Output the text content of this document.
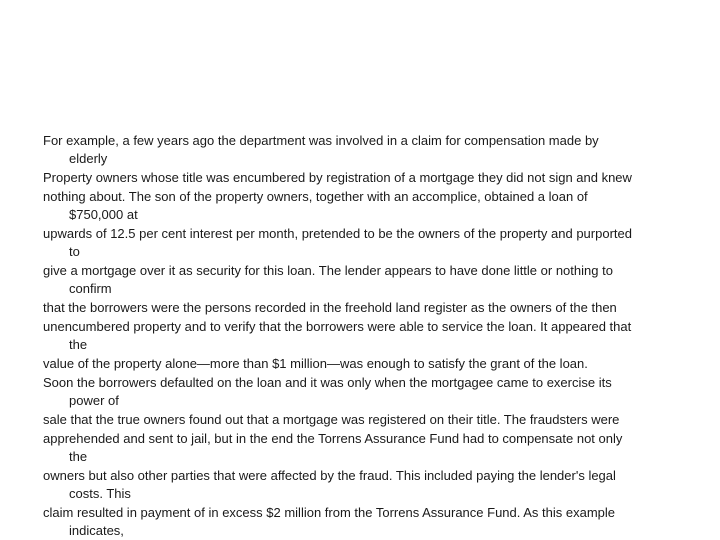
For example, a few years ago the department was involved in a claim for compensation made by
elderly
Property owners whose title was encumbered by registration of a mortgage they did not sign and knew
nothing about. The son of the property owners, together with an accomplice, obtained a loan of
$750,000 at
upwards of 12.5 per cent interest per month, pretended to be the owners of the property and purported
to
give a mortgage over it as security for this loan. The lender appears to have done little or nothing to
confirm
that the borrowers were the persons recorded in the freehold land register as the owners of the then
unencumbered property and to verify that the borrowers were able to service the loan. It appeared that
the
value of the property alone—more than $1 million—was enough to satisfy the grant of the loan.
Soon the borrowers defaulted on the loan and it was only when the mortgagee came to exercise its
power of
sale that the true owners found out that a mortgage was registered on their title. The fraudsters were
apprehended and sent to jail, but in the end the Torrens Assurance Fund had to compensate not only
the
owners but also other parties that were affected by the fraud. This included paying the lender's legal
costs. This
claim resulted in payment of in excess $2 million from the Torrens Assurance Fund. As this example
indicates,
